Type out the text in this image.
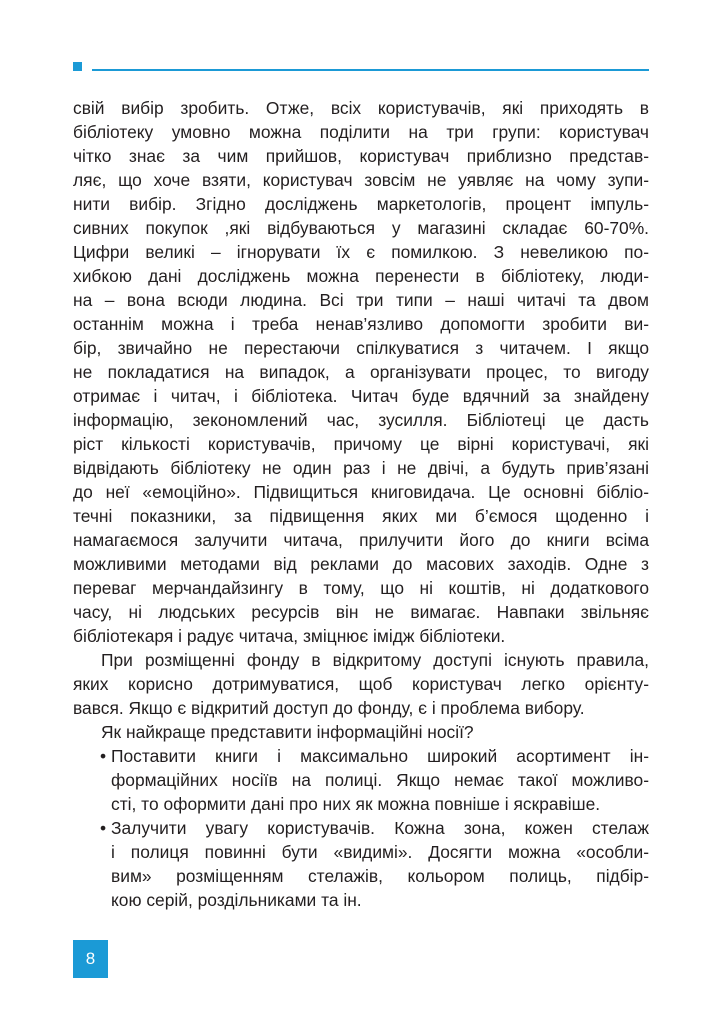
свій вибір зробить. Отже, всіх користувачів, які приходять в
бібліотеку умовно можна поділити на три групи: користувач
чітко знає за чим прийшов, користувач приблизно представ-
ляє, що хоче взяти, користувач зовсім не уявляє на чому зупи-
нити вибір. Згідно досліджень маркетологів, процент імпуль-
сивних покупок ,які відбуваються у магазині складає 60-70%.
Цифри великі – ігнорувати їх є помилкою. З невеликою по-
хибкою дані досліджень можна перенести в бібліотеку, люди-
на – вона всюди людина. Всі три типи – наші читачі та двом
останнім можна і треба ненав’язливо допомогти зробити ви-
бір, звичайно не перестаючи спілкуватися з читачем. І якщо
не покладатися на випадок, а організувати процес, то вигоду
отримає і читач, і бібліотека. Читач буде вдячний за знайдену
інформацію, зекономлений час, зусилля. Бібліотеці це дасть
ріст кількості користувачів, причому це вірні користувачі, які
відвідають бібліотеку не один раз і не двічі, а будуть прив’язані
до неї «емоційно». Підвищиться книговидача. Це основні бібліо-
течні показники, за підвищення яких ми б’ємося щоденно і
намагаємося залучити читача, прилучити його до книги всіма
можливими методами від реклами до масових заходів. Одне з
переваг мерчандайзингу в тому, що ні коштів, ні додаткового
часу, ні людських ресурсів він не вимагає. Навпаки звільняє
бібліотекаря і радує читача, зміцнює імідж бібліотеки.
При розміщенні фонду в відкритому доступі існують правила,
яких корисно дотримуватися, щоб користувач легко орієнту-
вався. Якщо є відкритий доступ до фонду, є і проблема вибору.
Як найкраще представити інформаційні носії?
• Поставити книги і максимально широкий асортимент ін-
формаційних носіїв на полиці. Якщо немає такої можливо-
сті, то оформити дані про них як можна повніше і яскравіше.
• Залучити увагу користувачів. Кожна зона, кожен стелаж
і полиця повинні бути «видимі». Досягти можна «особли-
вим» розміщенням стелажів, кольором полиць, підбір-
кою серій, роздільниками та ін.
8
